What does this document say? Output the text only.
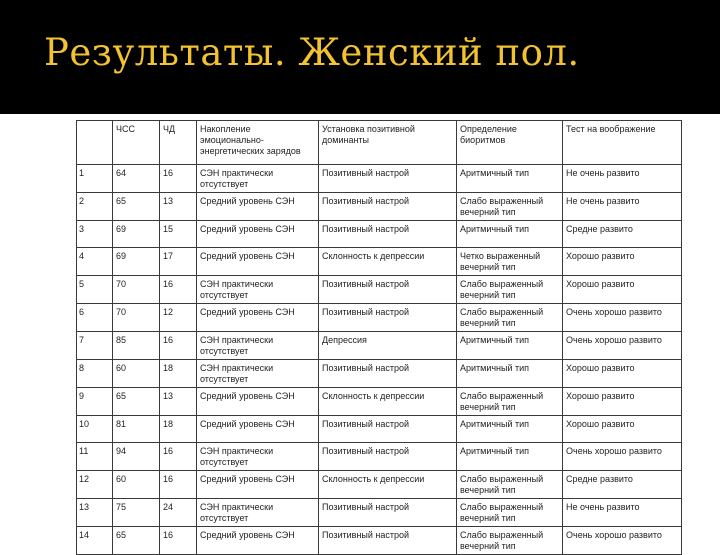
Результаты. Женский пол.
	ЧСС	ЧД	Накопление эмоционально-энергетических зарядов	Установка позитивной доминанты	Определение биоритмов	Тест на воображение
1	64	16	СЭН практически отсутствует	Позитивный настрой	Аритмичный тип	Не очень развито
2	65	13	Средний уровень СЭН	Позитивный настрой	Слабо выраженный вечерний тип	Не очень развито
3	69	15	Средний уровень СЭН	Позитивный настрой	Аритмичный тип	Средне развито
4	69	17	Средний уровень СЭН	Склонность к депрессии	Четко выраженный вечерний тип	Хорошо развито
5	70	16	СЭН практически отсутствует	Позитивный настрой	Слабо выраженный вечерний тип	Хорошо развито
6	70	12	Средний уровень СЭН	Позитивный настрой	Слабо выраженный вечерний тип	Очень хорошо развито
7	85	16	СЭН практически отсутствует	Депрессия	Аритмичный тип	Очень хорошо развито
8	60	18	СЭН практически отсутствует	Позитивный настрой	Аритмичный тип	Хорошо развито
9	65	13	Средний уровень СЭН	Склонность к депрессии	Слабо выраженный вечерний тип	Хорошо развито
10	81	18	Средний уровень СЭН	Позитивный настрой	Аритмичный тип	Хорошо развито
11	94	16	СЭН практически отсутствует	Позитивный настрой	Аритмичный тип	Очень хорошо развито
12	60	16	Средний уровень СЭН	Склонность к депрессии	Слабо выраженный вечерний тип	Средне развито
13	75	24	СЭН практически отсутствует	Позитивный настрой	Слабо выраженный вечерний тип	Не очень развито
14	65	16	Средний уровень СЭН	Позитивный настрой	Слабо выраженный вечерний тип	Очень хорошо развито
